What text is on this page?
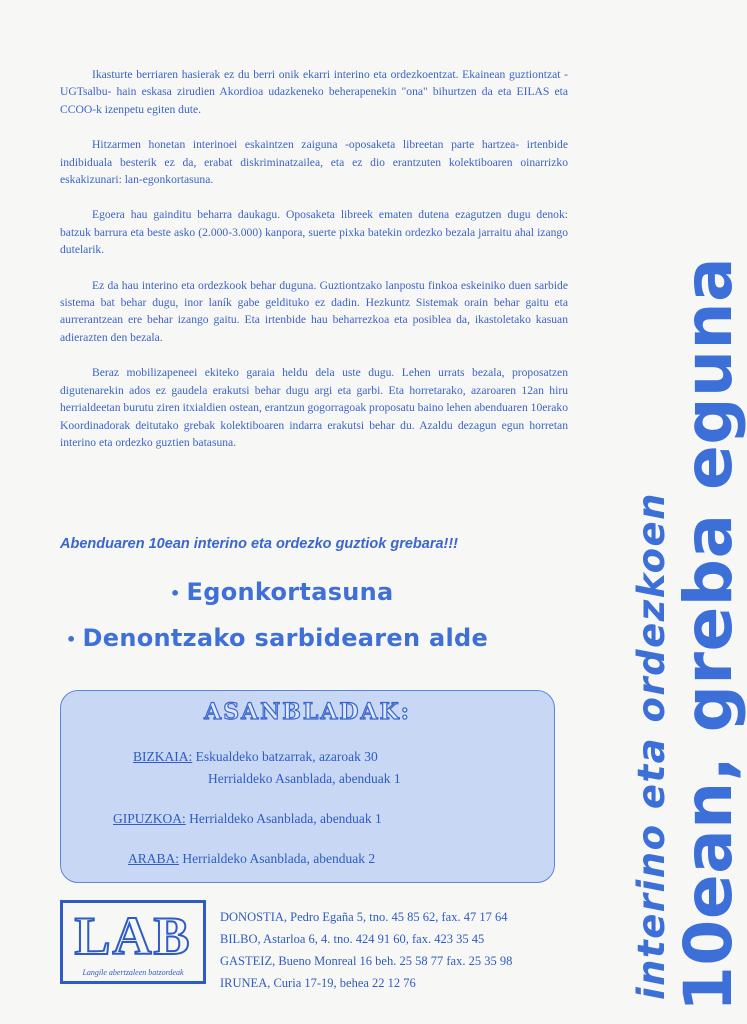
Ikasturte berriaren hasierak ez du berri onik ekarri interino eta ordezkoentzat. Ekainean guztiontzat -UGTsalbu- hain eskasa zirudien Akordioa udazkeneko beherapenekin "ona" bihurtzen da eta EILAS eta CCOO-k izenpetu egiten dute.

Hitzarmen honetan interinoei eskaintzen zaiguna -oposaketa libreetan parte hartzea- irtenbide indibiduala besterik ez da, erabat diskriminatzailea, eta ez dio erantzuten kolektiboaren oinarrizko eskakizunari: lan-egonkortasuna.

Egoera hau gainditu beharra daukagu. Oposaketa libreek ematen dutena ezagutzen dugu denok: batzuk barrura eta beste asko (2.000-3.000) kanpora, suerte pixka batekin ordezko bezala jarraitu ahal izango dutelarik.

Ez da hau interino eta ordezkook behar duguna. Guztiontzako lanpostu finkoa eskeiniko duen sarbide sistema bat behar dugu, inor laník gabe geldituko ez dadin. Hezkuntz Sistemak orain behar gaitu eta aurrerantzean ere behar izango gaitu. Eta irtenbide hau beharrezkoa eta posiblea da, ikastoletako kasuan adierazten den bezala.

Beraz mobilizapeneei ekiteko garaia heldu dela uste dugu. Lehen urrats bezala, proposatzen digutenarekin ados ez gaudela erakutsi behar dugu argi eta garbi. Eta horretarako, azaroaren 12an hiru herrialdeetan burutu ziren itxialdien ostean, erantzun gogorragoak proposatu baino lehen abenduaren 10erako Koordinadorak deitutako grebak kolektiboaren indarra erakutsi behar du. Azaldu dezagun egun horretan interino eta ordezko guztien batasuna.

Abenduaren 10ean interino eta ordezko guztiok grebara!!!
• Egonkortasuna
• Denontzako sarbidearen alde
ASANBLADAK:
BIZKAIA: Eskualdeko batzarrak, azaroak 30
Herrialdeko Asanblada, abenduak 1
GIPUZKOA: Herrialdeko Asanblada, abenduak 1
ARABA: Herrialdeko Asanblada, abenduak 2
LAB
Langile abertzaleen batzordeak
DONOSTIA, Pedro Egaña 5, tno. 45 85 62, fax. 47 17 64
BILBO, Astarloa 6, 4. tno. 424 91 60, fax. 423 35 45
GASTEIZ, Bueno Monreal 16 beh. 25 58 77 fax. 25 35 98
IRUNEA, Curia 17-19, behea 22 12 76	interino eta ordezkoen
10ean, greba eguna
